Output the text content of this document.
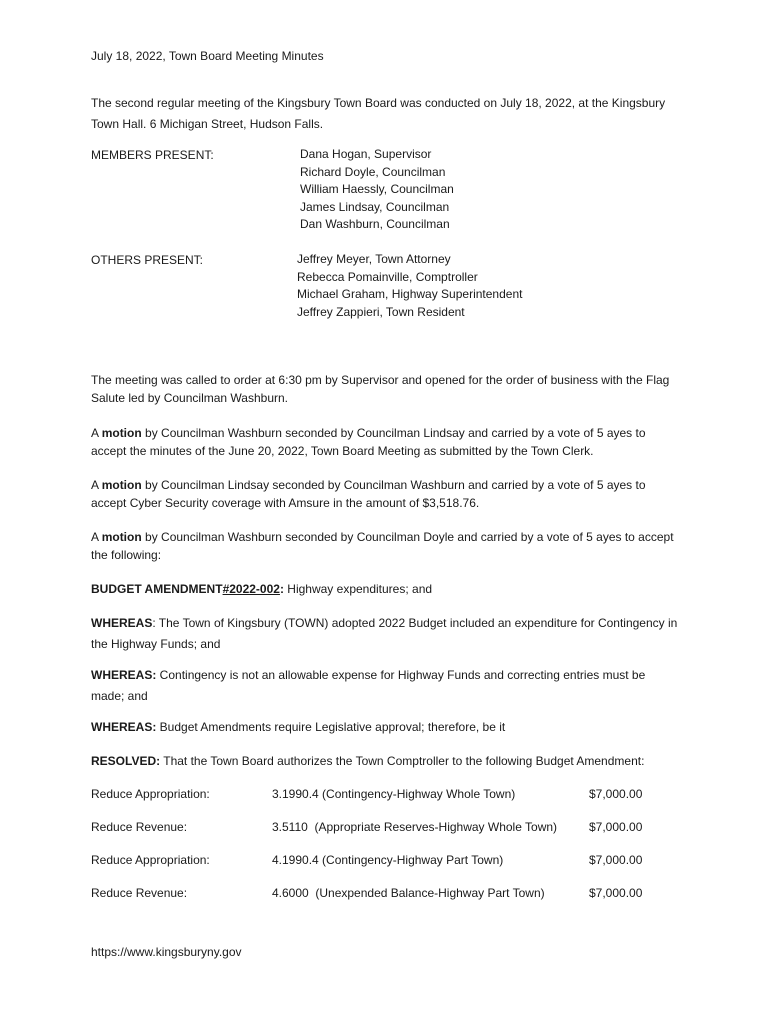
July 18, 2022, Town Board Meeting Minutes

The second regular meeting of the Kingsbury Town Board was conducted on July 18, 2022, at the Kingsbury Town Hall. 6 Michigan Street, Hudson Falls.

MEMBERS PRESENT:	Dana Hogan, Supervisor
Richard Doyle, Councilman
William Haessly, Councilman
James Lindsay, Councilman
Dan Washburn, Councilman
OTHERS PRESENT:	Jeffrey Meyer, Town Attorney
Rebecca Pomainville, Comptroller
Michael Graham, Highway Superintendent
Jeffrey Zappieri, Town Resident

The meeting was called to order at 6:30 pm by Supervisor and opened for the order of business with the Flag Salute led by Councilman Washburn.

A motion by Councilman Washburn seconded by Councilman Lindsay and carried by a vote of 5 ayes to accept the minutes of the June 20, 2022, Town Board Meeting as submitted by the Town Clerk.

A motion by Councilman Lindsay seconded by Councilman Washburn and carried by a vote of 5 ayes to accept Cyber Security coverage with Amsure in the amount of $3,518.76.

A motion by Councilman Washburn seconded by Councilman Doyle and carried by a vote of 5 ayes to accept the following:

BUDGET AMENDMENT#2022-002: Highway expenditures; and

WHEREAS: The Town of Kingsbury (TOWN) adopted 2022 Budget included an expenditure for Contingency in the Highway Funds; and

WHEREAS: Contingency is not an allowable expense for Highway Funds and correcting entries must be made; and

WHEREAS: Budget Amendments require Legislative approval; therefore, be it

RESOLVED: That the Town Board authorizes the Town Comptroller to the following Budget Amendment:

Reduce Appropriation:	3.1990.4 (Contingency-Highway Whole Town)	$7,000.00
Reduce Revenue:	3.5110  (Appropriate Reserves-Highway Whole Town)	$7,000.00
Reduce Appropriation:	4.1990.4 (Contingency-Highway Part Town)	$7,000.00
Reduce Revenue:	4.6000  (Unexpended Balance-Highway Part Town)	$7,000.00
https://www.kingsburyny.gov
